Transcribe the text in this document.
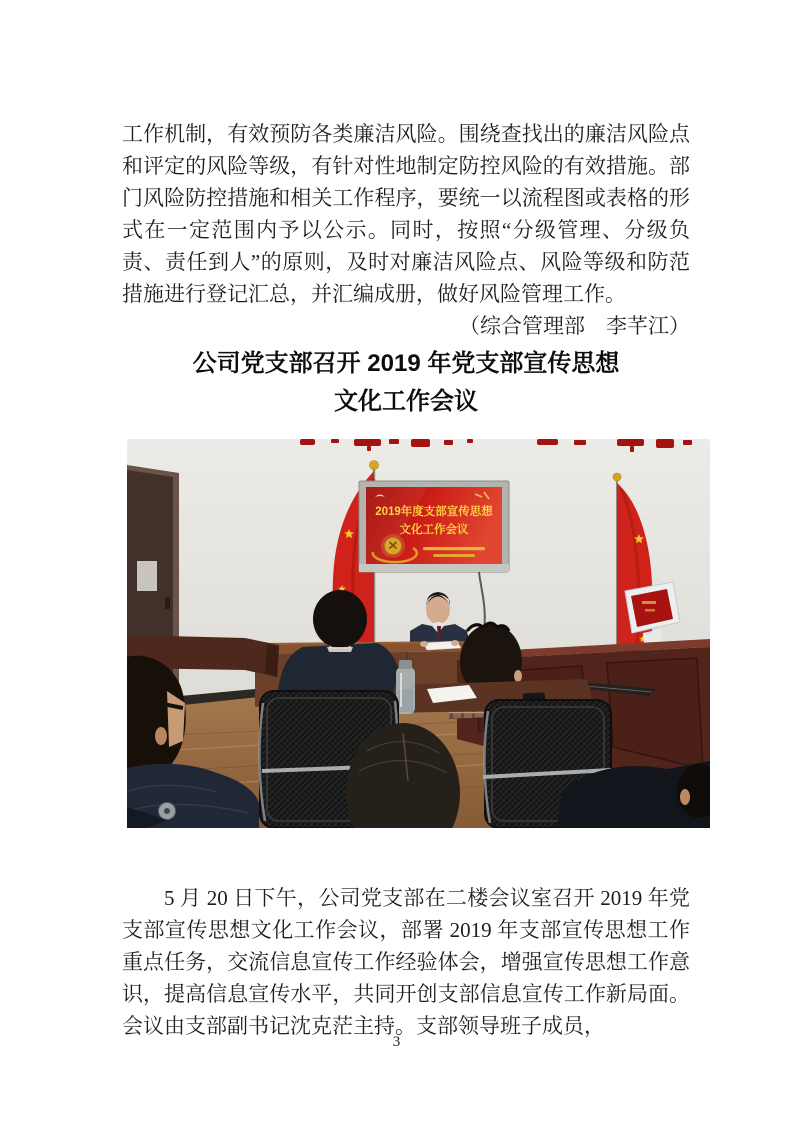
工作机制，有效预防各类廉洁风险。围绕查找出的廉洁风险点和评定的风险等级，有针对性地制定防控风险的有效措施。部门风险防控措施和相关工作程序，要统一以流程图或表格的形式在一定范围内予以公示。同时，按照“分级管理、分级负责、责任到人”的原则，及时对廉洁风险点、风险等级和防范措施进行登记汇总，并汇编成册，做好风险管理工作。
（综合管理部　李芊江）

公司党支部召开 2019 年党支部宣传思想
文化工作会议
2019年度支部宣传思想
文化工作会议

5 月 20 日下午，公司党支部在二楼会议室召开 2019 年党支部宣传思想文化工作会议，部署 2019 年支部宣传思想工作重点任务，交流信息宣传工作经验体会，增强宣传思想工作意识，提高信息宣传水平，共同开创支部信息宣传工作新局面。会议由支部副书记沈克茫主持。支部领导班子成员，

3
